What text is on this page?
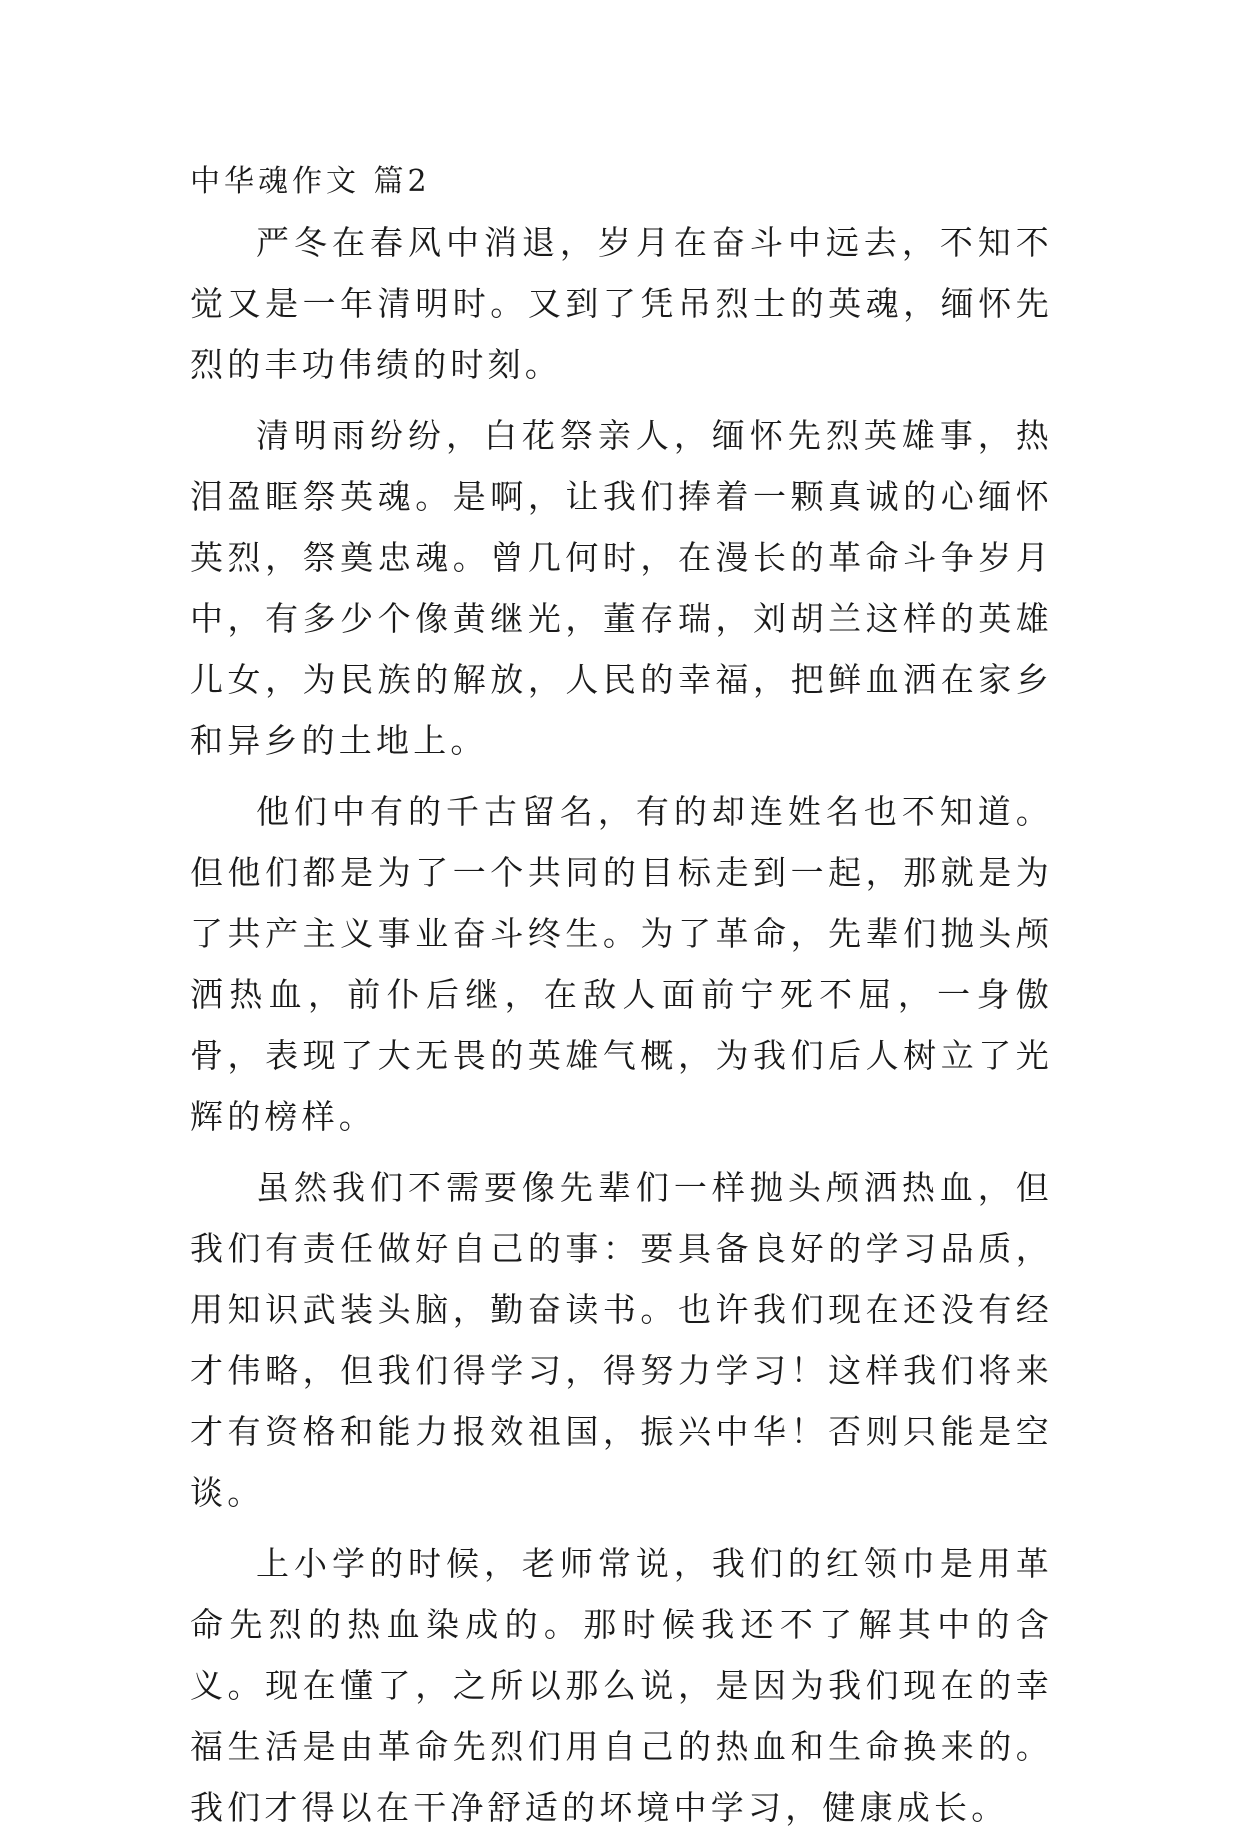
中华魂作文 篇2

严冬在春风中消退，岁月在奋斗中远去，不知不觉又是一年清明时。又到了凭吊烈士的英魂，缅怀先烈的丰功伟绩的时刻。

清明雨纷纷，白花祭亲人，缅怀先烈英雄事，热泪盈眶祭英魂。是啊，让我们捧着一颗真诚的心缅怀英烈，祭奠忠魂。曾几何时，在漫长的革命斗争岁月中，有多少个像黄继光，董存瑞，刘胡兰这样的英雄儿女，为民族的解放，人民的幸福，把鲜血洒在家乡和异乡的土地上。

他们中有的千古留名，有的却连姓名也不知道。但他们都是为了一个共同的目标走到一起，那就是为了共产主义事业奋斗终生。为了革命，先辈们抛头颅洒热血，前仆后继，在敌人面前宁死不屈，一身傲骨，表现了大无畏的英雄气概，为我们后人树立了光辉的榜样。

虽然我们不需要像先辈们一样抛头颅洒热血，但我们有责任做好自己的事：要具备良好的学习品质，用知识武装头脑，勤奋读书。也许我们现在还没有经才伟略，但我们得学习，得努力学习！这样我们将来才有资格和能力报效祖国，振兴中华！否则只能是空谈。

上小学的时候，老师常说，我们的红领巾是用革命先烈的热血染成的。那时候我还不了解其中的含义。现在懂了，之所以那么说，是因为我们现在的幸福生活是由革命先烈们用自己的热血和生命换来的。我们才得以在干净舒适的坏境中学习，健康成长。
